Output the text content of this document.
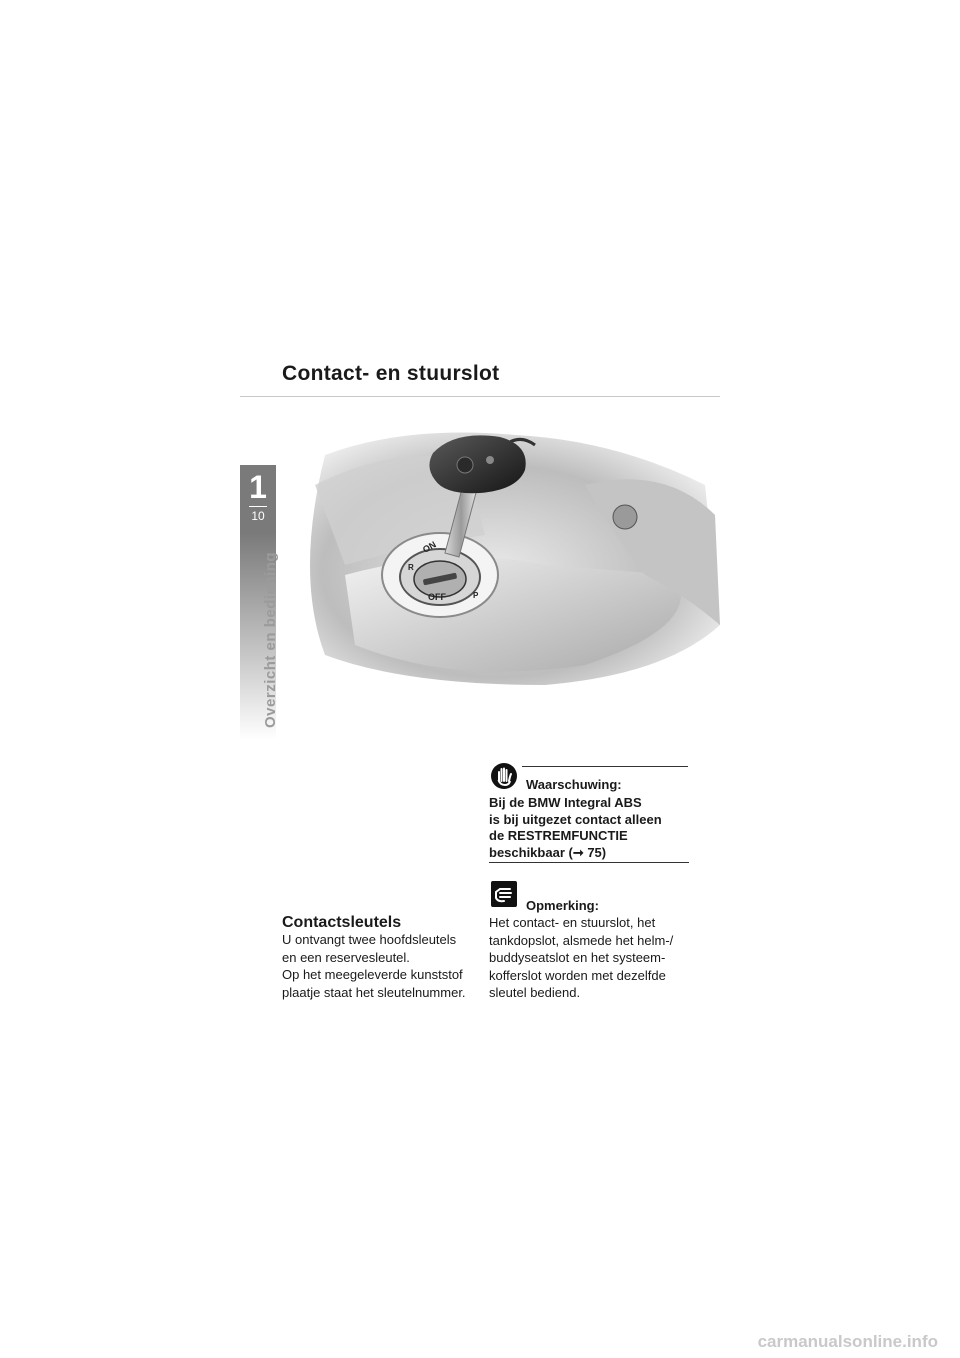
Contact- en stuurslot
1
10
Overzicht en bediening
ON
R
OFF	P
Waarschuwing:
Bij de BMW Integral ABS
is bij uitgezet contact alleen
de RESTREMFUNCTIE
beschikbaar (➞ 75)
Opmerking:
Het contact- en stuurslot, het
tankdopslot, alsmede het helm-/
buddyseatslot en het systeem-
kofferslot worden met dezelfde
sleutel bediend.
Contactsleutels
U ontvangt twee hoofdsleutels
en een reservesleutel.
Op het meegeleverde kunststof
plaatje staat het sleutelnummer.
carmanualsonline.info
